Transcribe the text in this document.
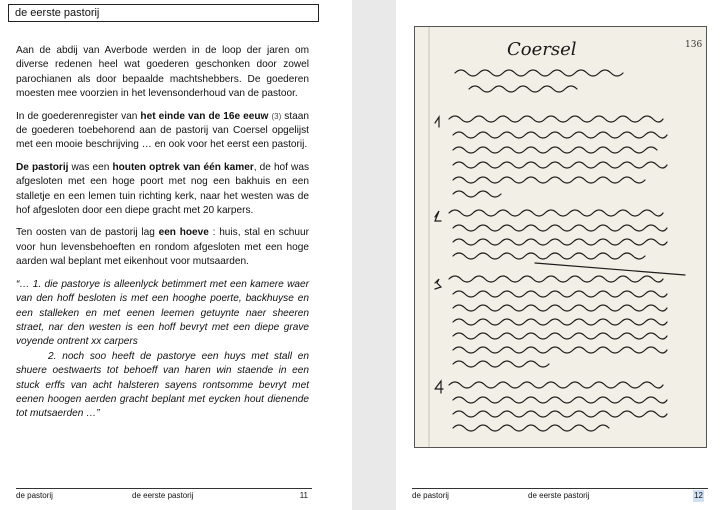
de eerste pastorij

Aan de abdij van Averbode werden in de loop der jaren om diverse redenen heel wat goederen geschonken door zowel parochianen als door bepaalde machtshebbers. De goederen moesten mee voorzien in het levensonderhoud van de pastoor.

In de goederenregister van het einde van de 16e eeuw (3) staan de goederen toebehorend aan de pastorij van Coersel opgelijst met een mooie beschrijving … en ook voor het eerst een pastorij.

De pastorij was een houten optrek van één kamer, de hof was afgesloten met een hoge poort met nog een bakhuis en een stalletje en een lemen tuin richting kerk, naar het westen was de hof afgesloten door een diepe gracht met 20 karpers.

Ten oosten van de pastorij lag een hoeve : huis, stal en schuur voor hun levensbehoeften en rondom afgesloten met een hoge aarden wal beplant met eikenhout voor mutsaarden.

“… 1. die pastorye is alleenlyck betimmert met een kamere waer van den hoff besloten is met een hooghe poerte, backhuyse en een stalleken en met eenen leemen getuynte naer sheeren straet, nar den westen is een hoff bevryt met een diepe grave voyende ontrent xx carpers

2. noch soo heeft de pastorye een huys met stall en shuere oestwaerts tot behoeff van haren win staende in een stuck erffs van acht halsteren sayens rontsomme bevryt met eenen hoogen aerden gracht beplant met eycken hout dienende tot mutsaerden …”

de pastorij	de eerste pastorij	11
136
Coersel
de pastorij	de eerste pastorij	12
